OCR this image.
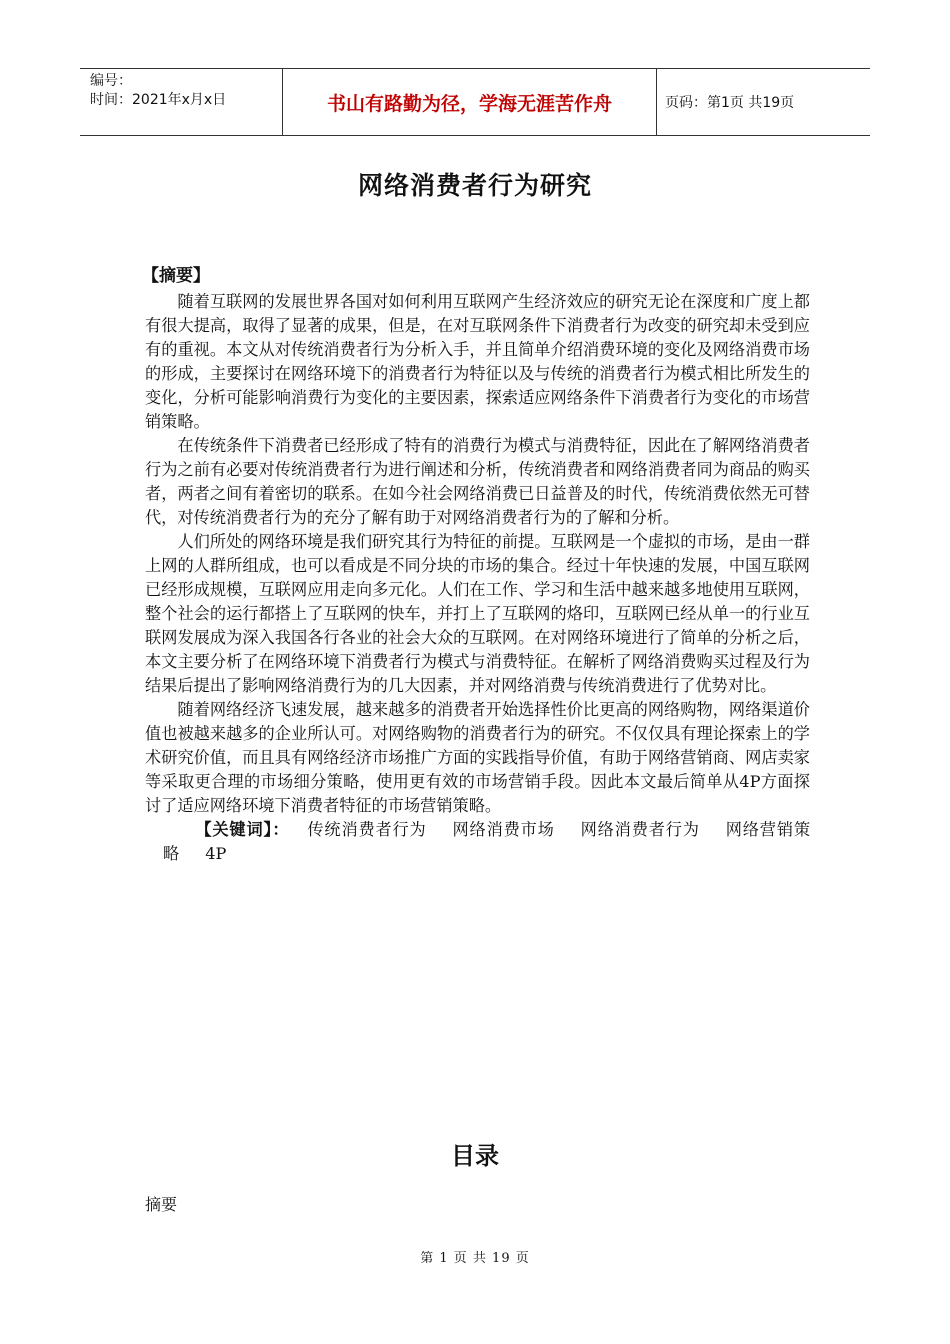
编号：
时间：2021年x月x日	书山有路勤为径，学海无涯苦作舟	页码：第1页 共19页
网络消费者行为研究
【摘要】

随着互联网的发展世界各国对如何利用互联网产生经济效应的研究无论在深度和广度上都有很大提高，取得了显著的成果，但是，在对互联网条件下消费者行为改变的研究却未受到应有的重视。本文从对传统消费者行为分析入手，并且简单介绍消费环境的变化及网络消费市场的形成，主要探讨在网络环境下的消费者行为特征以及与传统的消费者行为模式相比所发生的变化，分析可能影响消费行为变化的主要因素，探索适应网络条件下消费者行为变化的市场营销策略。

在传统条件下消费者已经形成了特有的消费行为模式与消费特征，因此在了解网络消费者行为之前有必要对传统消费者行为进行阐述和分析，传统消费者和网络消费者同为商品的购买者，两者之间有着密切的联系。在如今社会网络消费已日益普及的时代，传统消费依然无可替代，对传统消费者行为的充分了解有助于对网络消费者行为的了解和分析。

人们所处的网络环境是我们研究其行为特征的前提。互联网是一个虚拟的市场，是由一群上网的人群所组成，也可以看成是不同分块的市场的集合。经过十年快速的发展，中国互联网已经形成规模，互联网应用走向多元化。人们在工作、学习和生活中越来越多地使用互联网，整个社会的运行都搭上了互联网的快车，并打上了互联网的烙印，互联网已经从单一的行业互联网发展成为深入我国各行各业的社会大众的互联网。在对网络环境进行了简单的分析之后，本文主要分析了在网络环境下消费者行为模式与消费特征。在解析了网络消费购买过程及行为结果后提出了影响网络消费行为的几大因素，并对网络消费与传统消费进行了优势对比。

随着网络经济飞速发展，越来越多的消费者开始选择性价比更高的网络购物，网络渠道价值也被越来越多的企业所认可。对网络购物的消费者行为的研究。不仅仅具有理论探索上的学术研究价值，而且具有网络经济市场推广方面的实践指导价值，有助于网络营销商、网店卖家等采取更合理的市场细分策略，使用更有效的市场营销手段。因此本文最后简单从4P方面探讨了适应网络环境下消费者特征的市场营销策略。

【关键词】： 传统消费者行为 网络消费市场 网络消费者行为 网络营销策略 4P

目录
摘要
第 1 页 共 19 页
